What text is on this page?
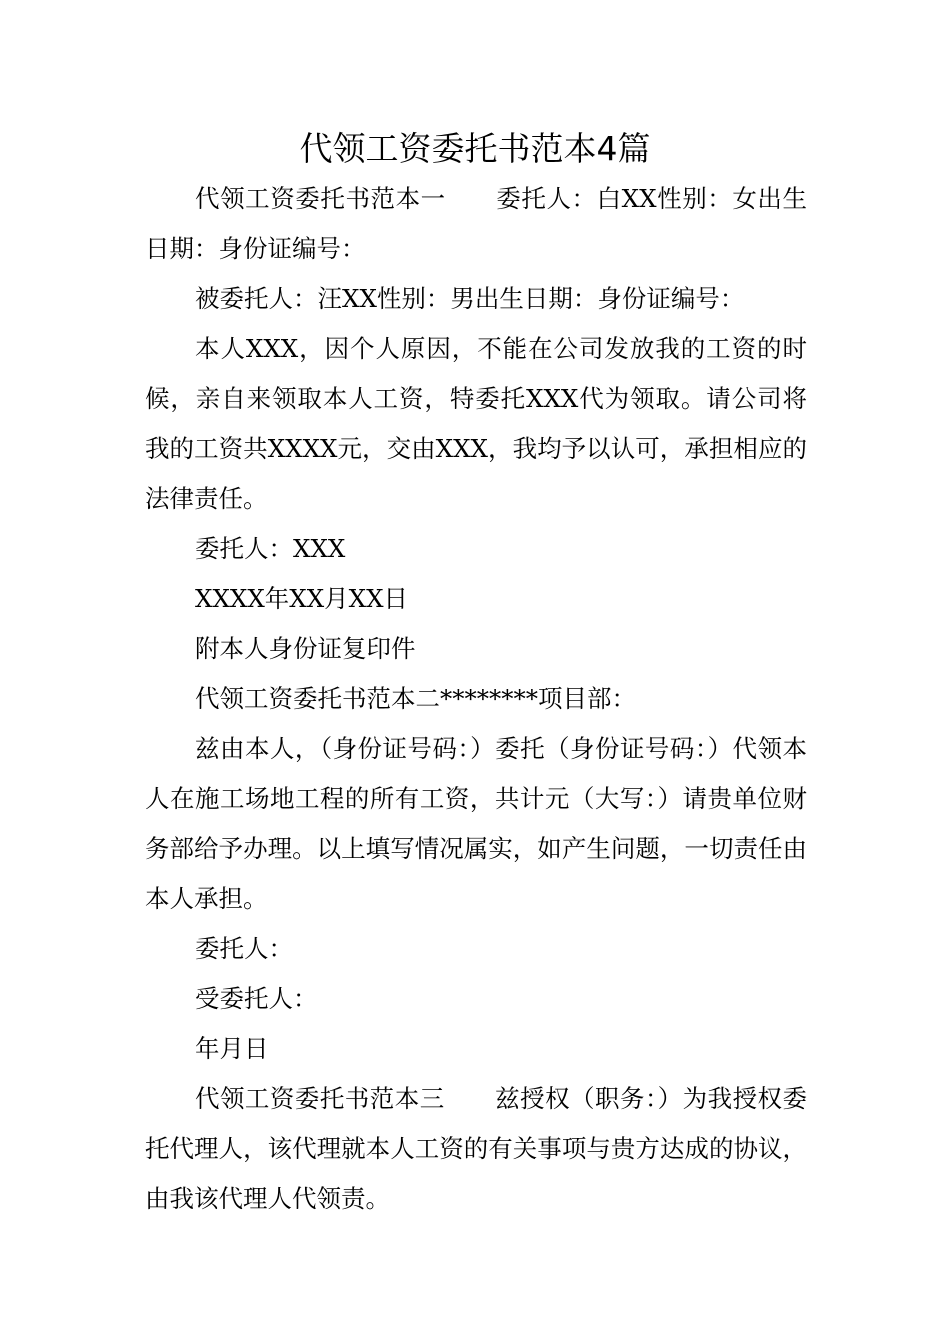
代领工资委托书范本4篇

代领工资委托书范本一 委托人：白XX性别：女出生日期：身份证编号：

被委托人：汪XX性别：男出生日期：身份证编号：

本人XXX，因个人原因，不能在公司发放我的工资的时候，亲自来领取本人工资，特委托XXX代为领取。请公司将我的工资共XXXX元，交由XXX，我均予以认可，承担相应的法律责任。

委托人：XXX

XXXX年XX月XX日

附本人身份证复印件

代领工资委托书范本二********项目部：

兹由本人，（身份证号码：）委托（身份证号码：）代领本人在施工场地工程的所有工资，共计元（大写：）请贵单位财务部给予办理。以上填写情况属实，如产生问题，一切责任由本人承担。

委托人：

受委托人：

年月日

代领工资委托书范本三 兹授权（职务：）为我授权委托代理人，该代理就本人工资的有关事项与贵方达成的协议，由我该代理人代领责。
